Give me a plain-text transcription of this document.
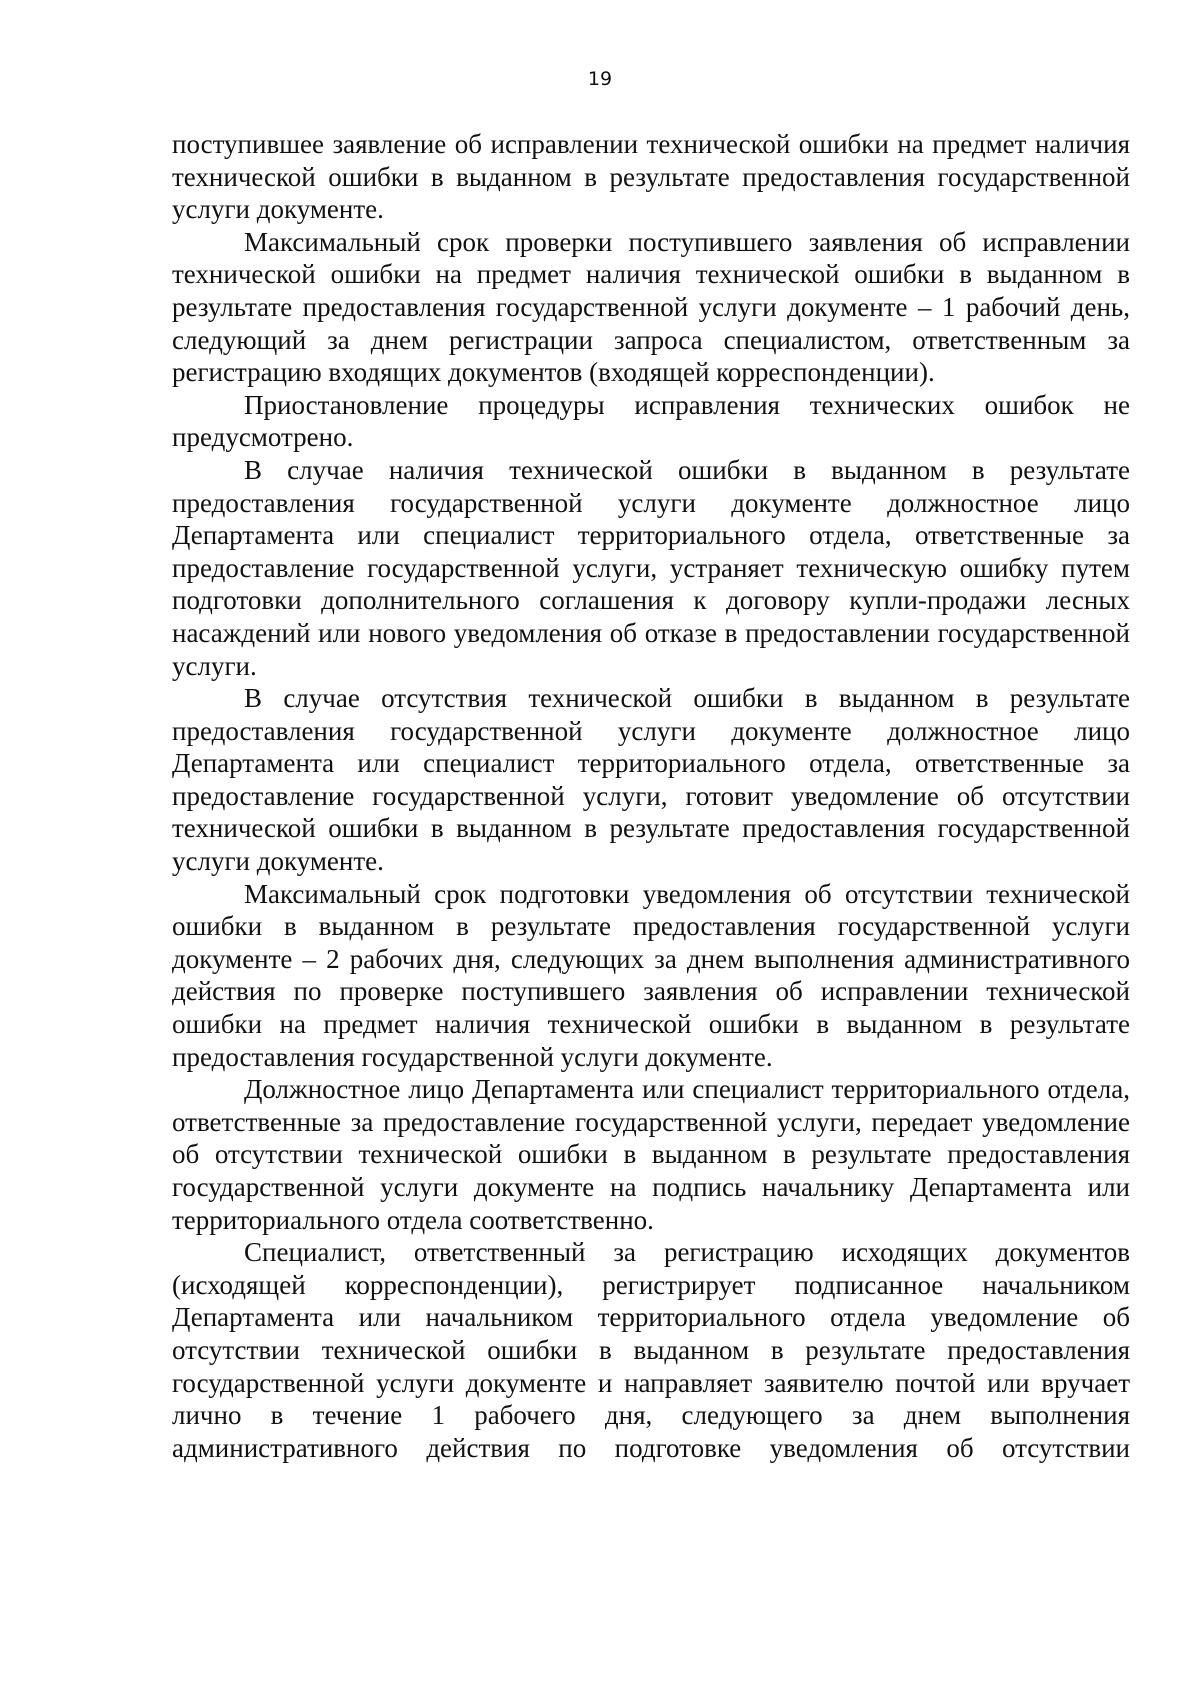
19

поступившее заявление об исправлении технической ошибки на предмет наличия технической ошибки в выданном в результате предоставления государственной услуги документе.

Максимальный срок проверки поступившего заявления об исправлении технической ошибки на предмет наличия технической ошибки в выданном в результате предоставления государственной услуги документе – 1 рабочий день, следующий за днем регистрации запроса специалистом, ответственным за регистрацию входящих документов (входящей корреспонденции).

Приостановление процедуры исправления технических ошибок не предусмотрено.

В случае наличия технической ошибки в выданном в результате предоставления государственной услуги документе должностное лицо Департамента или специалист территориального отдела, ответственные за предоставление государственной услуги, устраняет техническую ошибку путем подготовки дополнительного соглашения к договору купли-продажи лесных насаждений или нового уведомления об отказе в предоставлении государственной услуги.

В случае отсутствия технической ошибки в выданном в результате предоставления государственной услуги документе должностное лицо Департамента или специалист территориального отдела, ответственные за предоставление государственной услуги, готовит уведомление об отсутствии технической ошибки в выданном в результате предоставления государственной услуги документе.

Максимальный срок подготовки уведомления об отсутствии технической ошибки в выданном в результате предоставления государственной услуги документе – 2 рабочих дня, следующих за днем выполнения административного действия по проверке поступившего заявления об исправлении технической ошибки на предмет наличия технической ошибки в выданном в результате предоставления государственной услуги документе.

Должностное лицо Департамента или специалист территориального отдела, ответственные за предоставление государственной услуги, передает уведомление об отсутствии технической ошибки в выданном в результате предоставления государственной услуги документе на подпись начальнику Департамента или территориального отдела соответственно.

Специалист, ответственный за регистрацию исходящих документов (исходящей корреспонденции), регистрирует подписанное начальником Департамента или начальником территориального отдела уведомление об отсутствии технической ошибки в выданном в результате предоставления государственной услуги документе и направляет заявителю почтой или вручает лично в течение 1 рабочего дня, следующего за днем выполнения административного действия по подготовке уведомления об отсутствии
